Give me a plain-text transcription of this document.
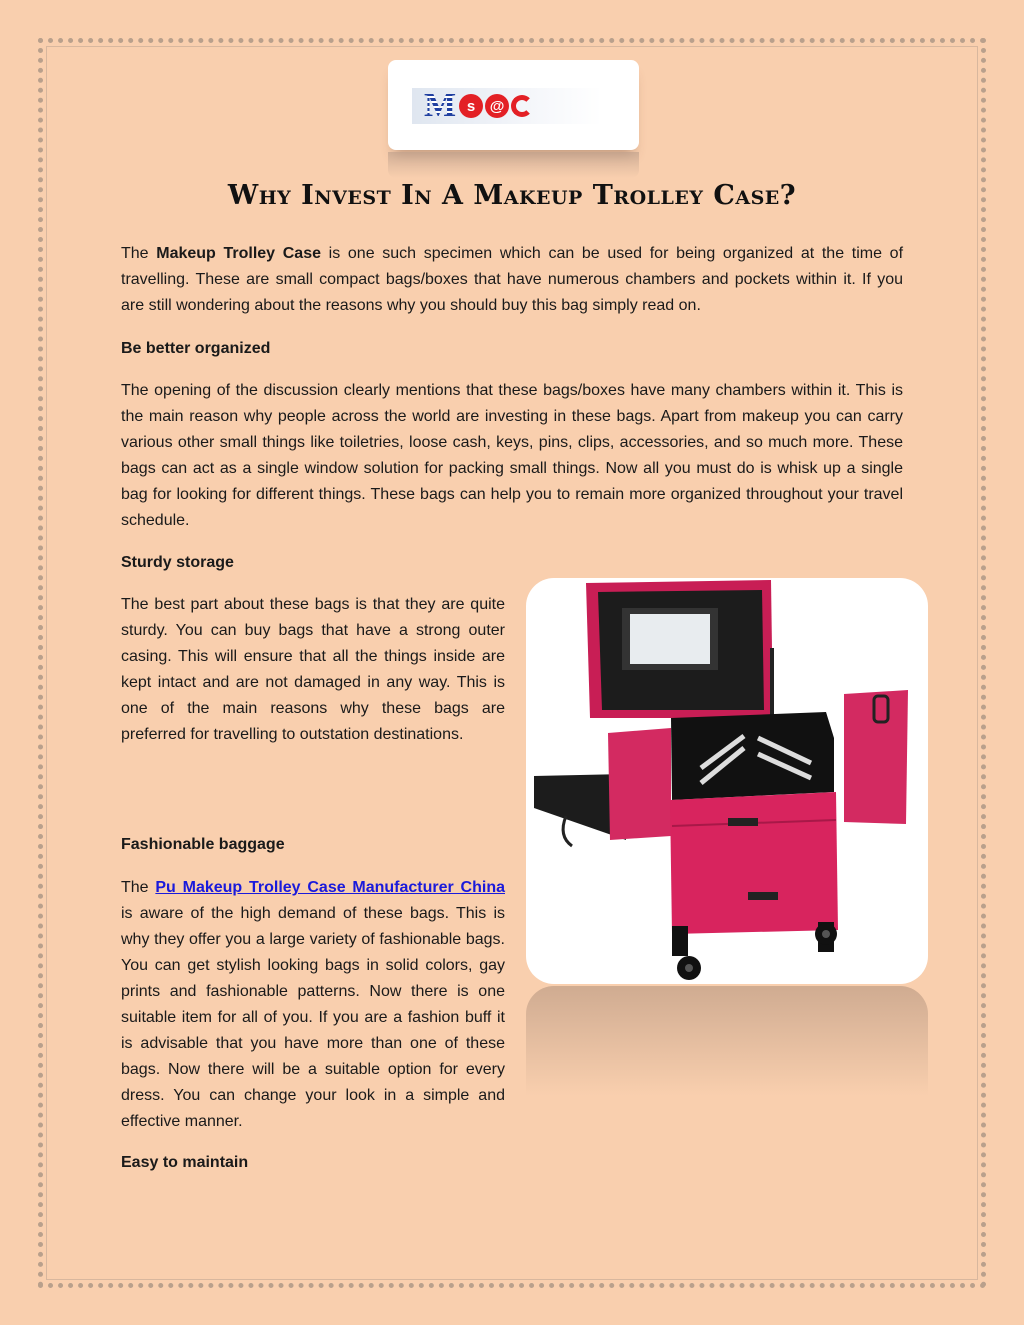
M s @
Why Invest In A Makeup Trolley Case?

The Makeup Trolley Case is one such specimen which can be used for being organized at the time of travelling. These are small compact bags/boxes that have numerous chambers and pockets within it. If you are still wondering about the reasons why you should buy this bag simply read on.

Be better organized

The opening of the discussion clearly mentions that these bags/boxes have many chambers within it. This is the main reason why people across the world are investing in these bags. Apart from makeup you can carry various other small things like toiletries, loose cash, keys, pins, clips, accessories, and so much more. These bags can act as a single window solution for packing small things. Now all you must do is whisk up a single bag for looking for different things. These bags can help you to remain more organized throughout your travel schedule.

Sturdy storage

The best part about these bags is that they are quite sturdy. You can buy bags that have a strong outer casing. This will ensure that all the things inside are kept intact and are not damaged in any way. This is one of the main reasons why these bags are preferred for travelling to outstation destinations.

Fashionable baggage

The Pu Makeup Trolley Case Manufacturer China is aware of the high demand of these bags. This is why they offer you a large variety of fashionable bags. You can get stylish looking bags in solid colors, gay prints and fashionable patterns. Now there is one suitable item for all of you. If you are a fashion buff it is advisable that you have more than one of these bags. Now there will be a suitable option for every dress. You can change your look in a simple and effective manner.

Easy to maintain
